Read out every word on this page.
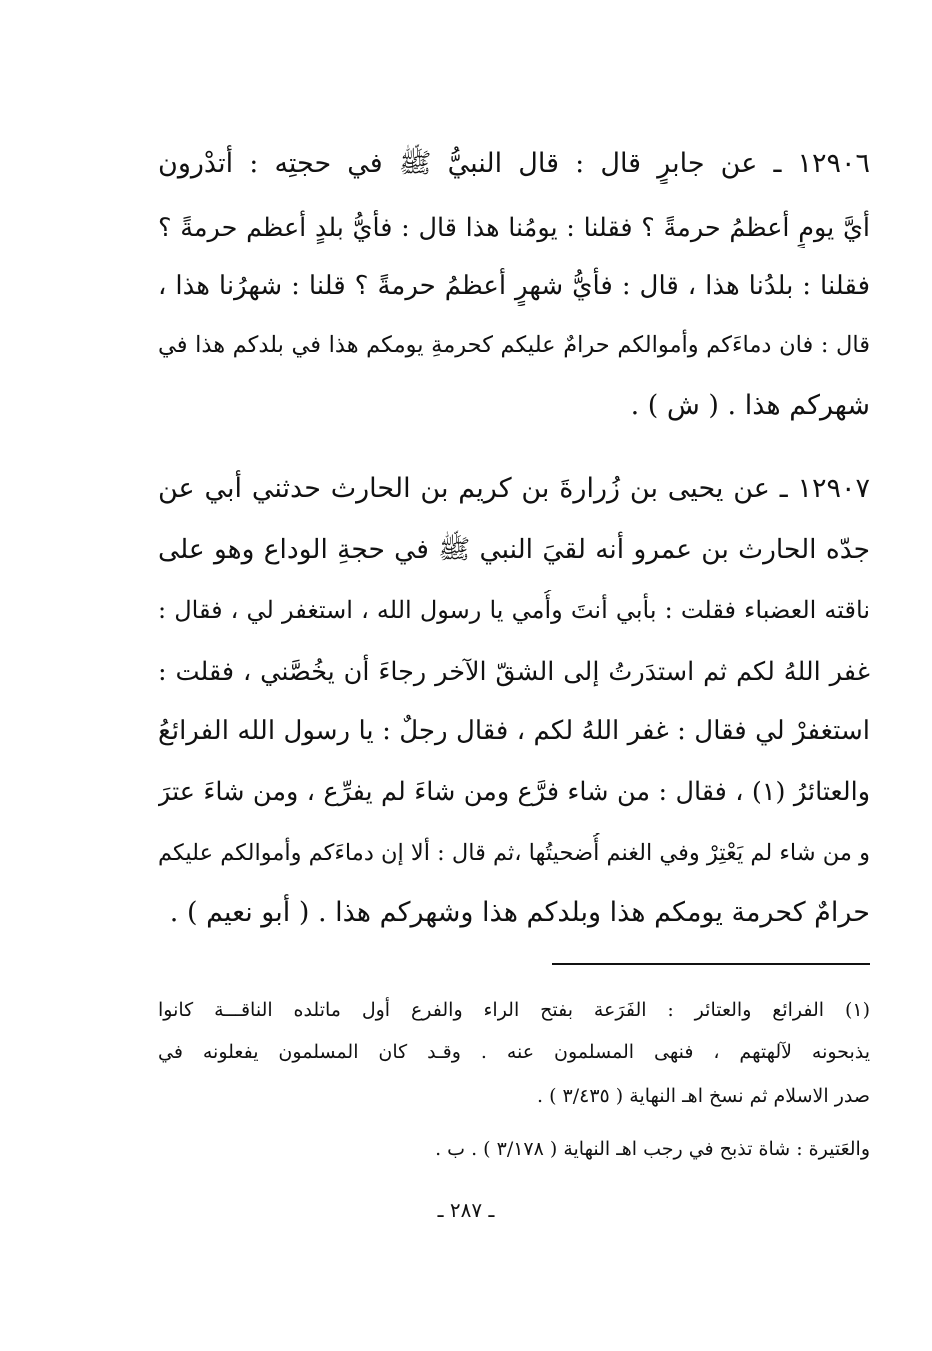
١٢٩٠٦ ـ عن جابرٍ قال : قال النبيُّ ﷺ في حجتِه : أتدْرون
أيَّ يومٍ أعظمُ حرمةً ؟ فقلنا : يومُنا هذا قال : فأيُّ بلدٍ أعظم حرمةً ؟
فقلنا : بلدُنا هذا ، قال : فأيُّ شهرٍ أعظمُ حرمةً ؟ قلنا : شهرُنا هذا ،
قال : فان دماءَكم وأموالكم حرامٌ عليكم كحرمةِ يومكم هذا في بلدكم هذا في
شهركم هذا . ( ش ) .
١٢٩٠٧ ـ عن يحيى بن زُرارةَ بن كريم بن الحارث حدثني أبي عن
جدّه الحارث بن عمرو أنه لقيَ النبي ﷺ في حجةِ الوداع وهو على
ناقته العضباء فقلت : بأبي أنتَ وأُمي يا رسول الله ، استغفر لي ، فقال :
غفر اللهُ لكم ثم استدَرتُ إلى الشقّ الآخر رجاءَ أن يخُصَّني ، فقلت :
استغفرْ لي فقال : غفر اللهُ لكم ، فقال رجلٌ : يا رسول الله الفرائعُ
والعتائرُ (١) ، فقال : من شاء فرَّع ومن شاءَ لم يفرِّع ، ومن شاءَ عترَ
و من شاء لم يَعْتِرْ وفي الغنم أُضحيتُها ،ثم قال : ألا إن دماءَكم وأموالكم عليكم
حرامٌ كحرمة يومكم هذا وبلدكم هذا وشهركم هذا . ( أبو نعيم ) .
(١) الفرائع والعتائر : الفَرَعة بفتح الراء والفرع أول ماتلده الناقـــة كانوا
يذبحونه لآلهتهم ، فنهى المسلمون عنه . وقـد كان المسلمون يفعلونه في
صدر الاسلام ثم نسخ اهـ النهاية ( ٣/٤٣٥ ) .
والعَتيرة : شاة تذبح في رجب اهـ النهاية ( ٣/١٧٨ ) . ب .
ـ ٢٨٧ ـ
